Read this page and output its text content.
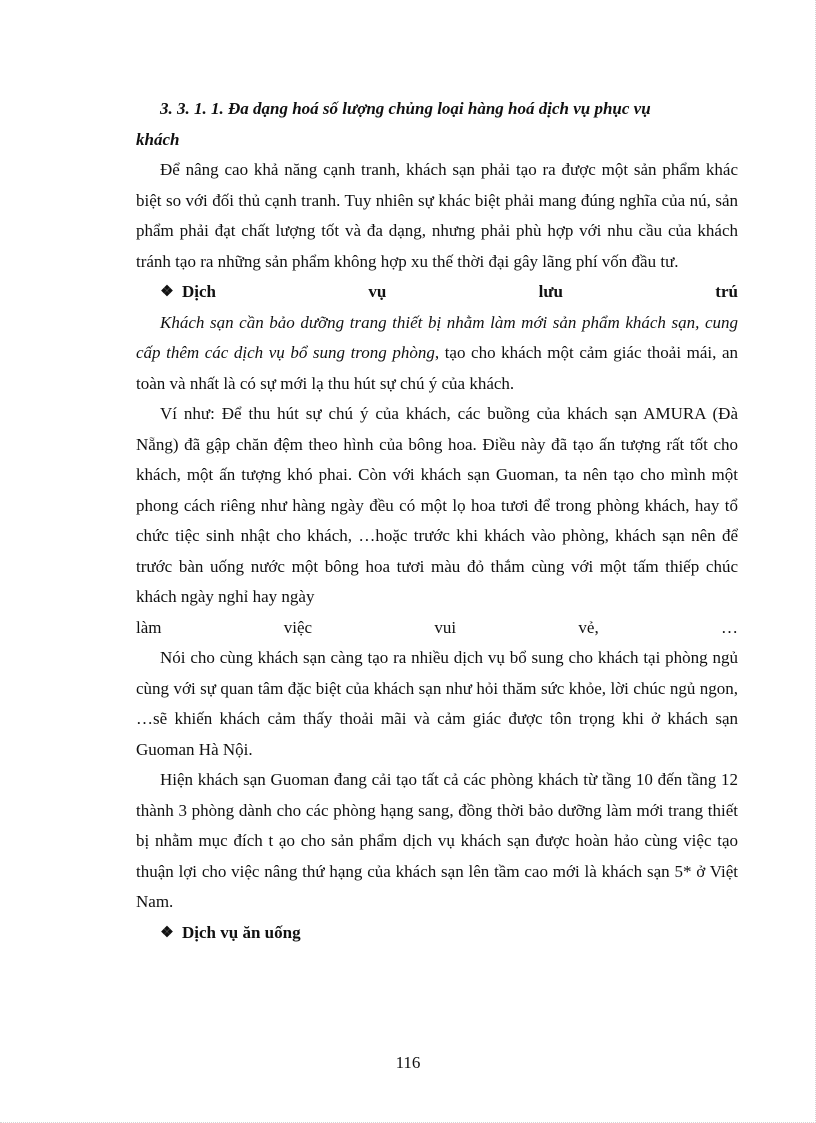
3. 3. 1. 1. Đa dạng hoá số lượng chủng loại hàng hoá dịch vụ phục vụ
khách

Để nâng cao khả năng cạnh tranh, khách sạn phải tạo ra được một sản phẩm khác biệt so với đối thủ cạnh tranh. Tuy nhiên sự khác biệt phải mang đúng nghĩa của nú, sản phẩm phải đạt chất lượng tốt và đa dạng, nhưng phải phù hợp với nhu cầu của khách tránh tạo ra những sản phẩm không hợp xu thế thời đại gây lãng phí vốn đầu tư.

❖ Dịch	vụ	lưu	trú

Khách sạn cần bảo dưỡng trang thiết bị nhằm làm mới sản phẩm khách sạn, cung cấp thêm các dịch vụ bổ sung trong phòng, tạo cho khách một cảm giác thoải mái, an toàn và nhất là có sự mới lạ thu hút sự chú ý của khách.

Ví như: Để thu hút sự chú ý của khách, các buồng của khách sạn AMURA (Đà Nẵng) đã gập chăn đệm theo hình của bông hoa. Điều này đã tạo ấn tượng rất tốt cho khách, một ấn tượng khó phai. Còn với khách sạn Guoman, ta nên tạo cho mình một phong cách riêng như hàng ngày đều có một lọ hoa tươi để trong phòng khách, hay tổ chức tiệc sinh nhật cho khách, …hoặc trước khi khách vào phòng, khách sạn nên để trước bàn uống nước một bông hoa tươi màu đỏ thắm cùng với một tấm thiếp chúc khách ngày nghỉ hay ngày

làm	việc	vui	vẻ,	…

Nói cho cùng khách sạn càng tạo ra nhiều dịch vụ bổ sung cho khách tại phòng ngủ cùng với sự quan tâm đặc biệt của khách sạn như hỏi thăm sức khỏe, lời chúc ngủ ngon, …sẽ khiến khách cảm thấy thoải mãi và cảm giác được tôn trọng khi ở khách sạn Guoman Hà Nội.

Hiện khách sạn Guoman đang cải tạo tất cả các phòng khách từ tầng 10 đến tầng 12 thành 3 phòng dành cho các phòng hạng sang, đồng thời bảo dưỡng làm mới trang thiết bị nhằm mục đích t ạo cho sản phẩm dịch vụ khách sạn được hoàn hảo cùng việc tạo thuận lợi cho việc nâng thứ hạng của khách sạn lên tầm cao mới là khách sạn 5* ở Việt Nam.

❖ Dịch vụ ăn uống
116
